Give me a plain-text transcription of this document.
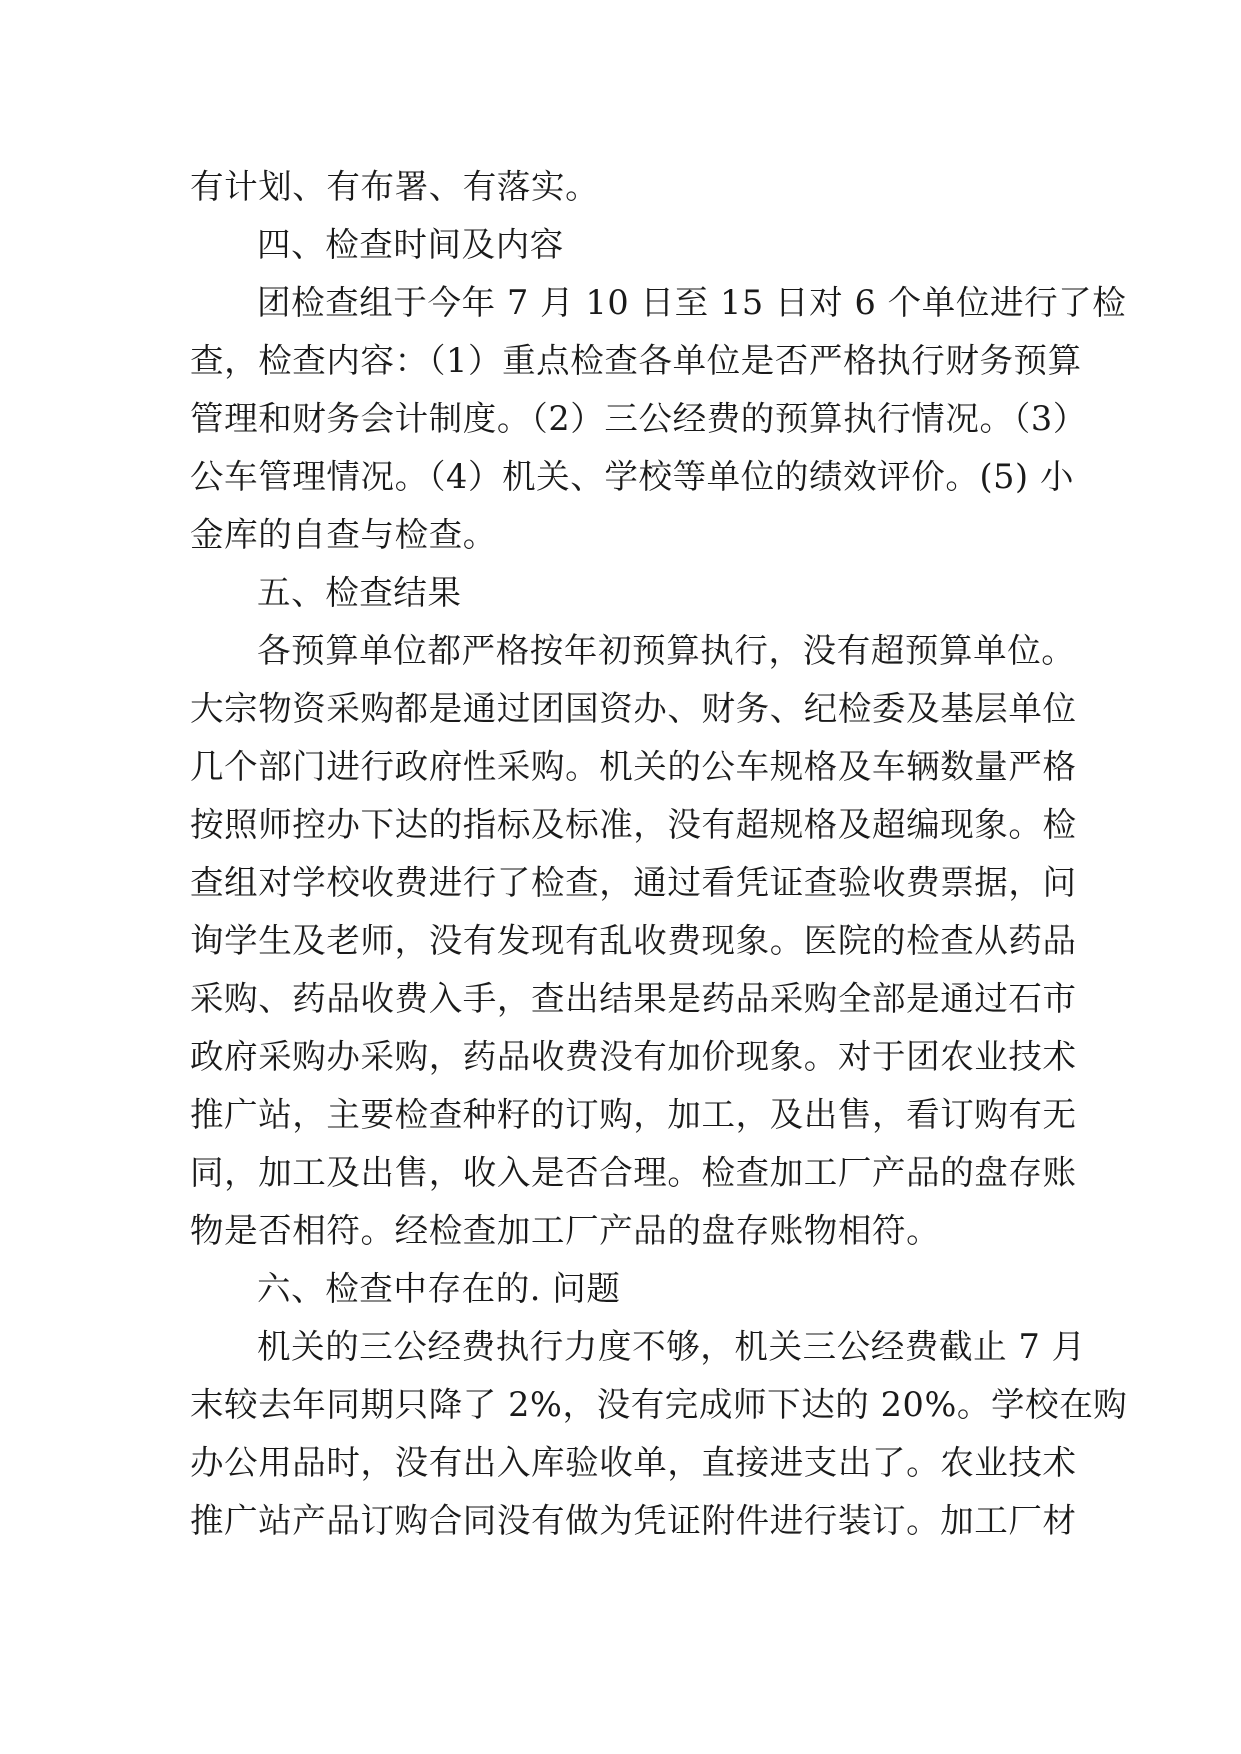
有计划、有布署、有落实。
四、检查时间及内容
团检查组于今年 7 月 10 日至 15 日对 6 个单位进行了检
查，检查内容：（1）重点检查各单位是否严格执行财务预算
管理和财务会计制度。（2）三公经费的预算执行情况。（3）
公车管理情况。（4）机关、学校等单位的绩效评价。(5) 小
金库的自查与检查。
五、检查结果
各预算单位都严格按年初预算执行，没有超预算单位。
大宗物资采购都是通过团国资办、财务、纪检委及基层单位
几个部门进行政府性采购。机关的公车规格及车辆数量严格
按照师控办下达的指标及标准，没有超规格及超编现象。检
查组对学校收费进行了检查，通过看凭证查验收费票据，问
询学生及老师，没有发现有乱收费现象。医院的检查从药品
采购、药品收费入手，查出结果是药品采购全部是通过石市
政府采购办采购，药品收费没有加价现象。对于团农业技术
推广站，主要检查种籽的订购，加工，及出售，看订购有无
同，加工及出售，收入是否合理。检查加工厂产品的盘存账
物是否相符。经检查加工厂产品的盘存账物相符。
六、检查中存在的. 问题
机关的三公经费执行力度不够，机关三公经费截止 7 月
末较去年同期只降了 2%，没有完成师下达的 20%。学校在购
办公用品时，没有出入库验收单，直接进支出了。农业技术
推广站产品订购合同没有做为凭证附件进行装订。加工厂材
